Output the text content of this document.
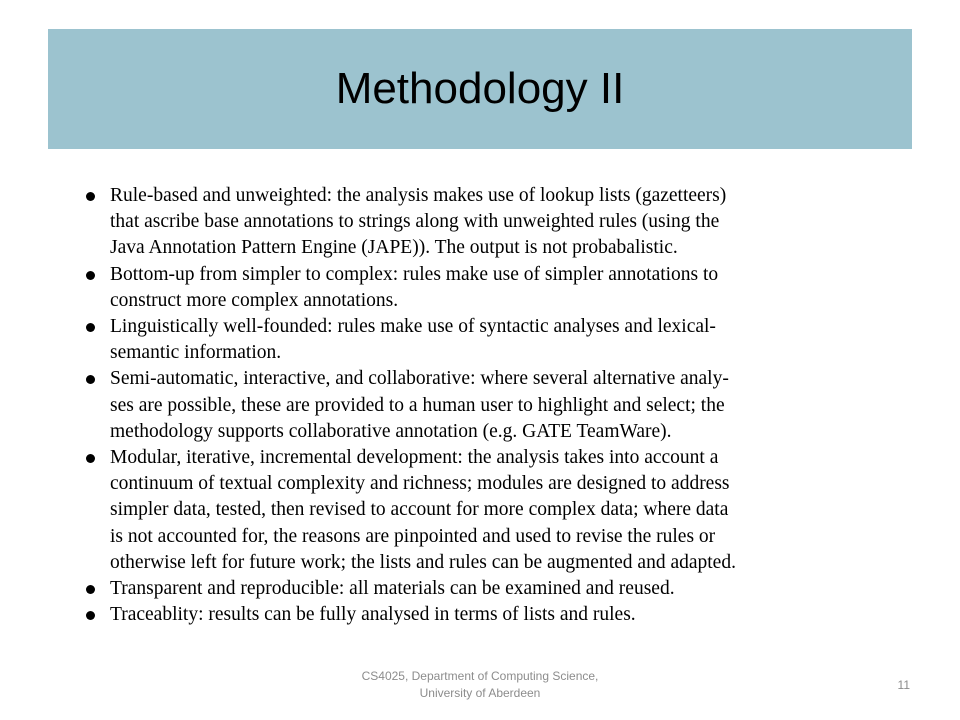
Methodology II
Rule-based and unweighted: the analysis makes use of lookup lists (gazetteers)
that ascribe base annotations to strings along with unweighted rules (using the
Java Annotation Pattern Engine (JAPE)). The output is not probabalistic.
Bottom-up from simpler to complex: rules make use of simpler annotations to
construct more complex annotations.
Linguistically well-founded: rules make use of syntactic analyses and lexical-
semantic information.
Semi-automatic, interactive, and collaborative: where several alternative analy-
ses are possible, these are provided to a human user to highlight and select; the
methodology supports collaborative annotation (e.g. GATE TeamWare).
Modular, iterative, incremental development: the analysis takes into account a
continuum of textual complexity and richness; modules are designed to address
simpler data, tested, then revised to account for more complex data; where data
is not accounted for, the reasons are pinpointed and used to revise the rules or
otherwise left for future work; the lists and rules can be augmented and adapted.
Transparent and reproducible: all materials can be examined and reused.
Traceablity: results can be fully analysed in terms of lists and rules.
CS4025, Department of Computing Science,
University of Aberdeen
11
